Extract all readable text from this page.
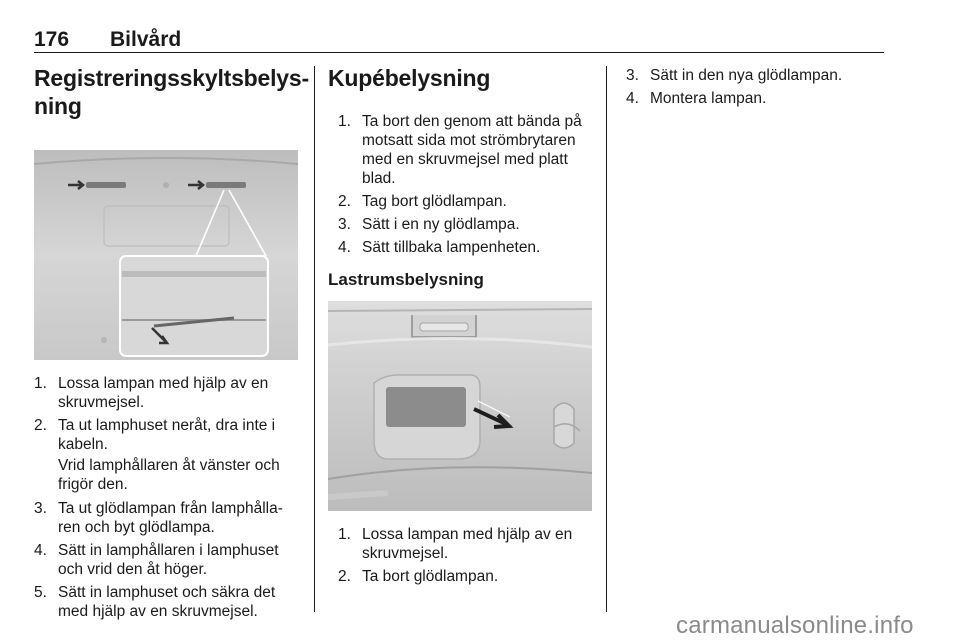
176 Bilvård
Registreringsskyltsbelys-
ning
1. Lossa lampan med hjälp av en
skruvmejsel.
2. Ta ut lamphuset neråt, dra inte i
kabeln.
Vrid lamphållaren åt vänster och
frigör den.
3. Ta ut glödlampan från lamphålla-
ren och byt glödlampa.
4. Sätt in lamphållaren i lamphuset
och vrid den åt höger.
5. Sätt in lamphuset och säkra det
med hjälp av en skruvmejsel.
Kupébelysning
1. Ta bort den genom att bända på
motsatt sida mot strömbrytaren
med en skruvmejsel med platt
blad.
2. Tag bort glödlampan.
3. Sätt i en ny glödlampa.
4. Sätt tillbaka lampenheten.
Lastrumsbelysning
1. Lossa lampan med hjälp av en
skruvmejsel.
2. Ta bort glödlampan.
3. Sätt in den nya glödlampan.
4. Montera lampan.
carmanualsonline.info
